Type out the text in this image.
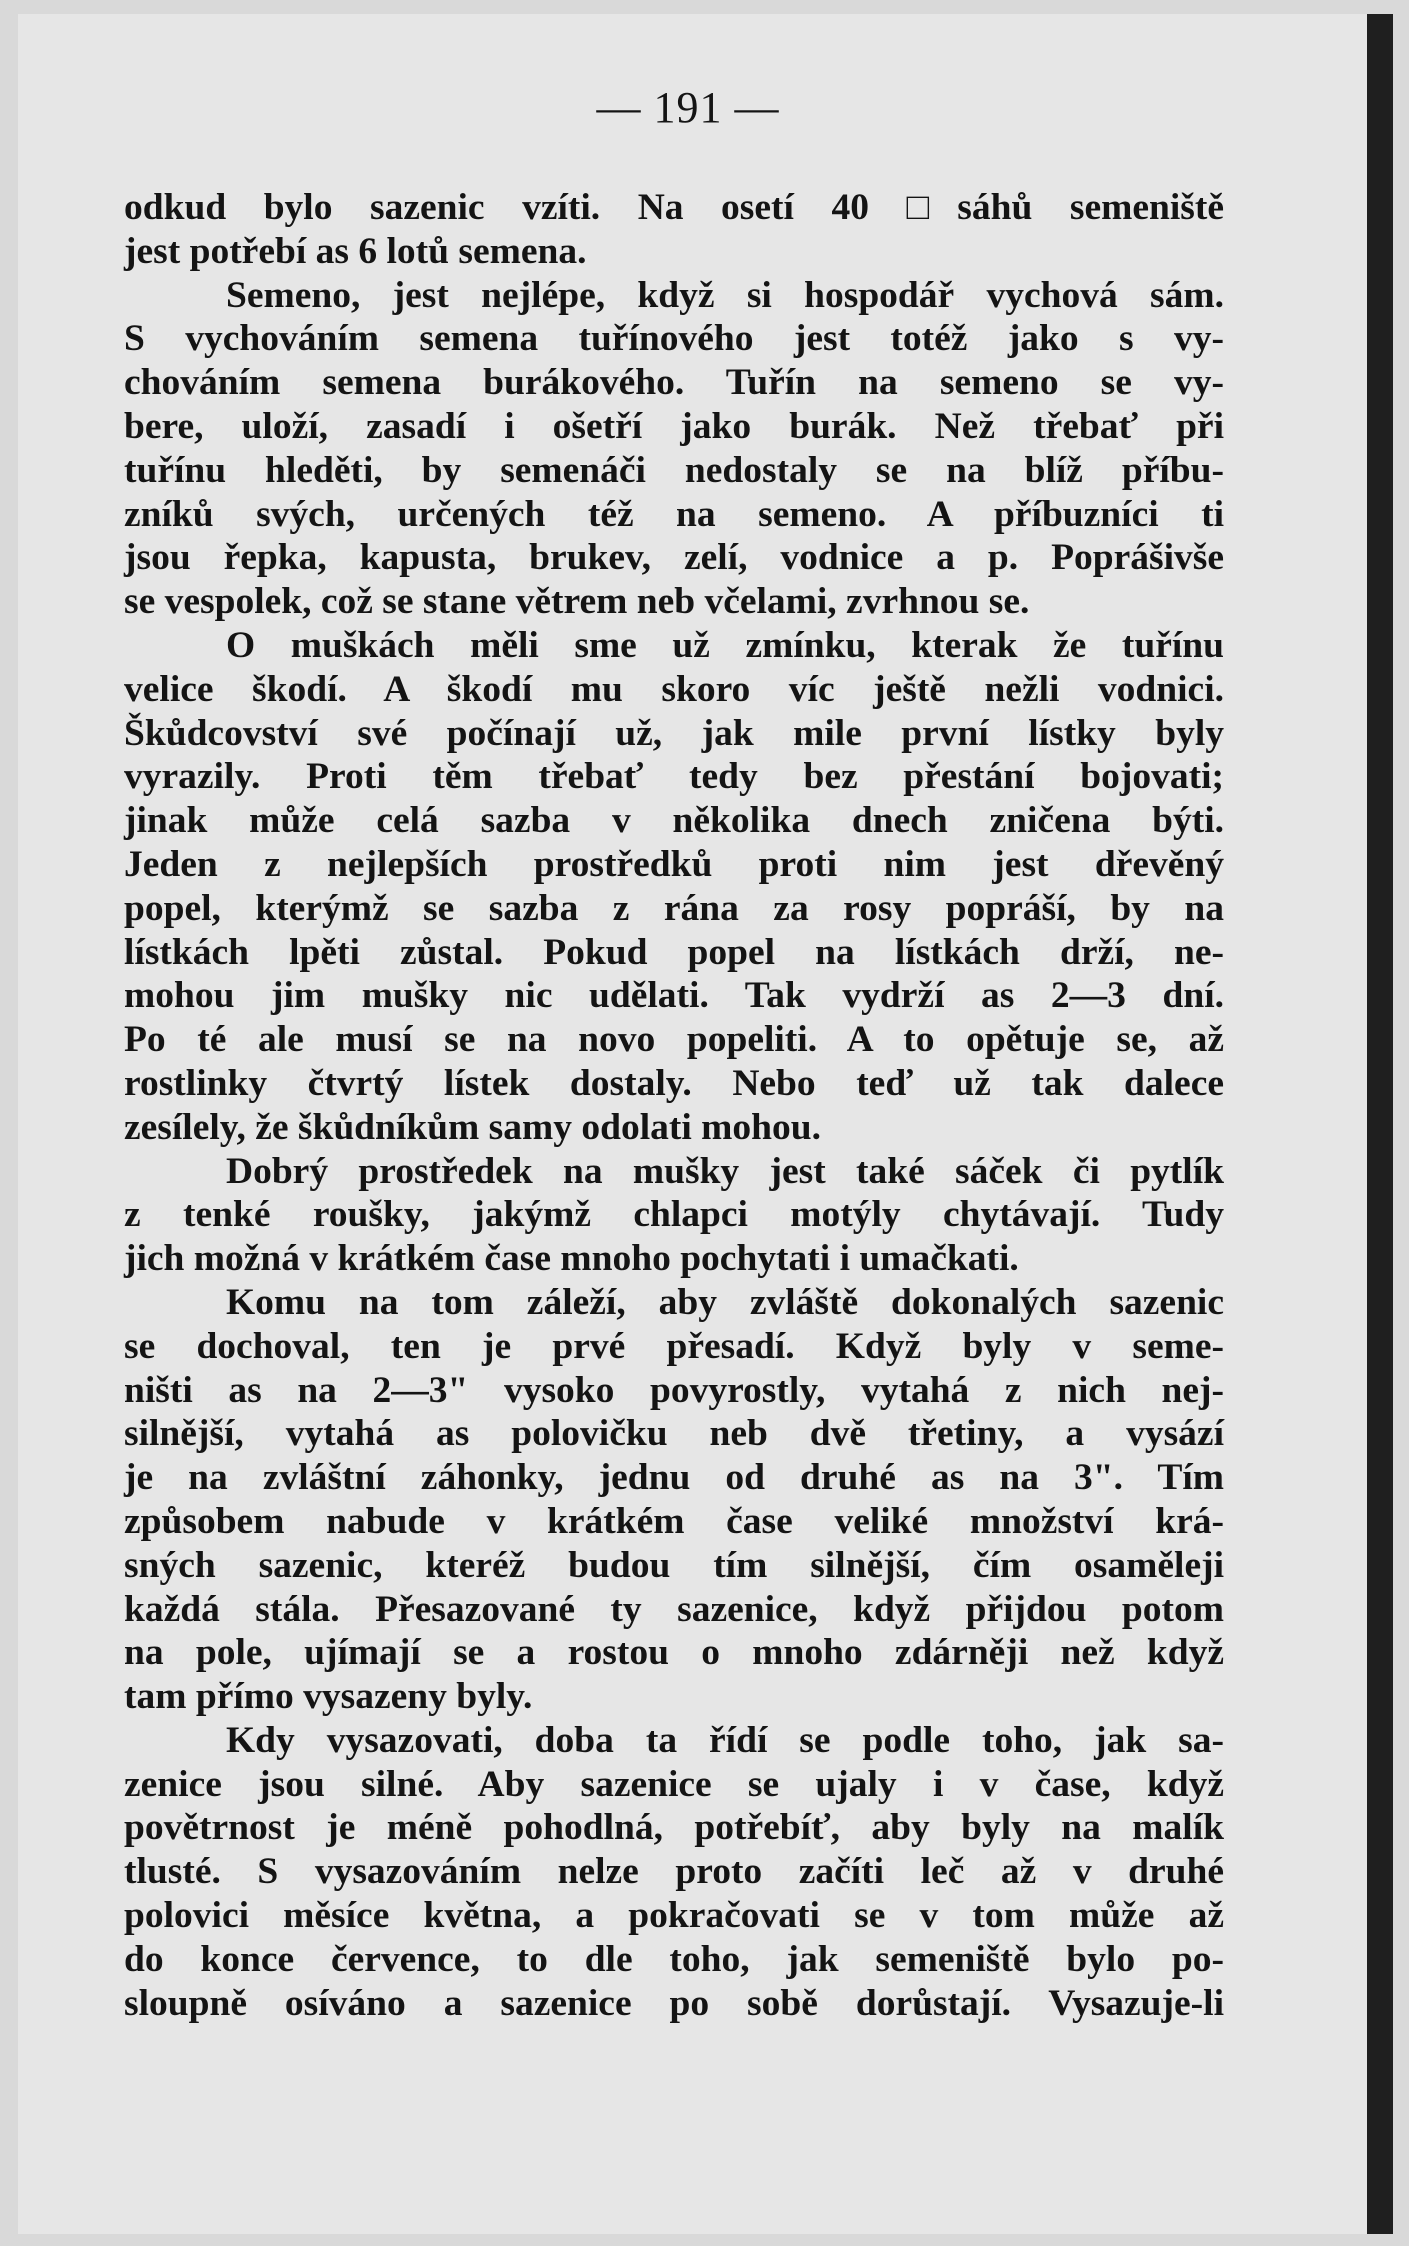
— 191 —
odkud bylo sazenic vzíti. Na osetí 40 □sáhů semeniště
jest potřebí as 6 lotů semena.
Semeno, jest nejlépe, když si hospodář vychová sám.
S vychováním semena tuřínového jest totéž jako s vy-
chováním semena burákového. Tuřín na semeno se vy-
bere, uloží, zasadí i ošetří jako burák. Než třebať při
tuřínu hleděti, by semenáči nedostaly se na blíž příbu-
zníků svých, určených též na semeno. A příbuzníci ti
jsou řepka, kapusta, brukev, zelí, vodnice a p. Poprášivše
se vespolek, což se stane větrem neb včelami, zvrhnou se.
O muškách měli sme už zmínku, kterak že tuřínu
velice škodí. A škodí mu skoro víc ještě nežli vodnici.
Škůdcovství své počínají už, jak mile první lístky byly
vyrazily. Proti těm třebať tedy bez přestání bojovati;
jinak může celá sazba v několika dnech zničena býti.
Jeden z nejlepších prostředků proti nim jest dřevěný
popel, kterýmž se sazba z rána za rosy popráší, by na
lístkách lpěti zůstal. Pokud popel na lístkách drží, ne-
mohou jim mušky nic udělati. Tak vydrží as 2—3 dní.
Po té ale musí se na novo popeliti. A to opětuje se, až
rostlinky čtvrtý lístek dostaly. Nebo teď už tak dalece
zesílely, že škůdníkům samy odolati mohou.
Dobrý prostředek na mušky jest také sáček či pytlík
z tenké roušky, jakýmž chlapci motýly chytávají. Tudy
jich možná v krátkém čase mnoho pochytati i umačkati.
Komu na tom záleží, aby zvláště dokonalých sazenic
se dochoval, ten je prvé přesadí. Když byly v seme-
ništi as na 2—3" vysoko povyrostly, vytahá z nich nej-
silnější, vytahá as polovičku neb dvě třetiny, a vysází
je na zvláštní záhonky, jednu od druhé as na 3". Tím
způsobem nabude v krátkém čase veliké množství krá-
sných sazenic, kteréž budou tím silnější, čím osaměleji
každá stála. Přesazované ty sazenice, když přijdou potom
na pole, ujímají se a rostou o mnoho zdárněji než když
tam přímo vysazeny byly.
Kdy vysazovati, doba ta řídí se podle toho, jak sa-
zenice jsou silné. Aby sazenice se ujaly i v čase, když
povětrnost je méně pohodlná, potřebíť, aby byly na malík
tlusté. S vysazováním nelze proto začíti leč až v druhé
polovici měsíce května, a pokračovati se v tom může až
do konce července, to dle toho, jak semeniště bylo po-
sloupně osíváno a sazenice po sobě dorůstají. Vysazuje-li
